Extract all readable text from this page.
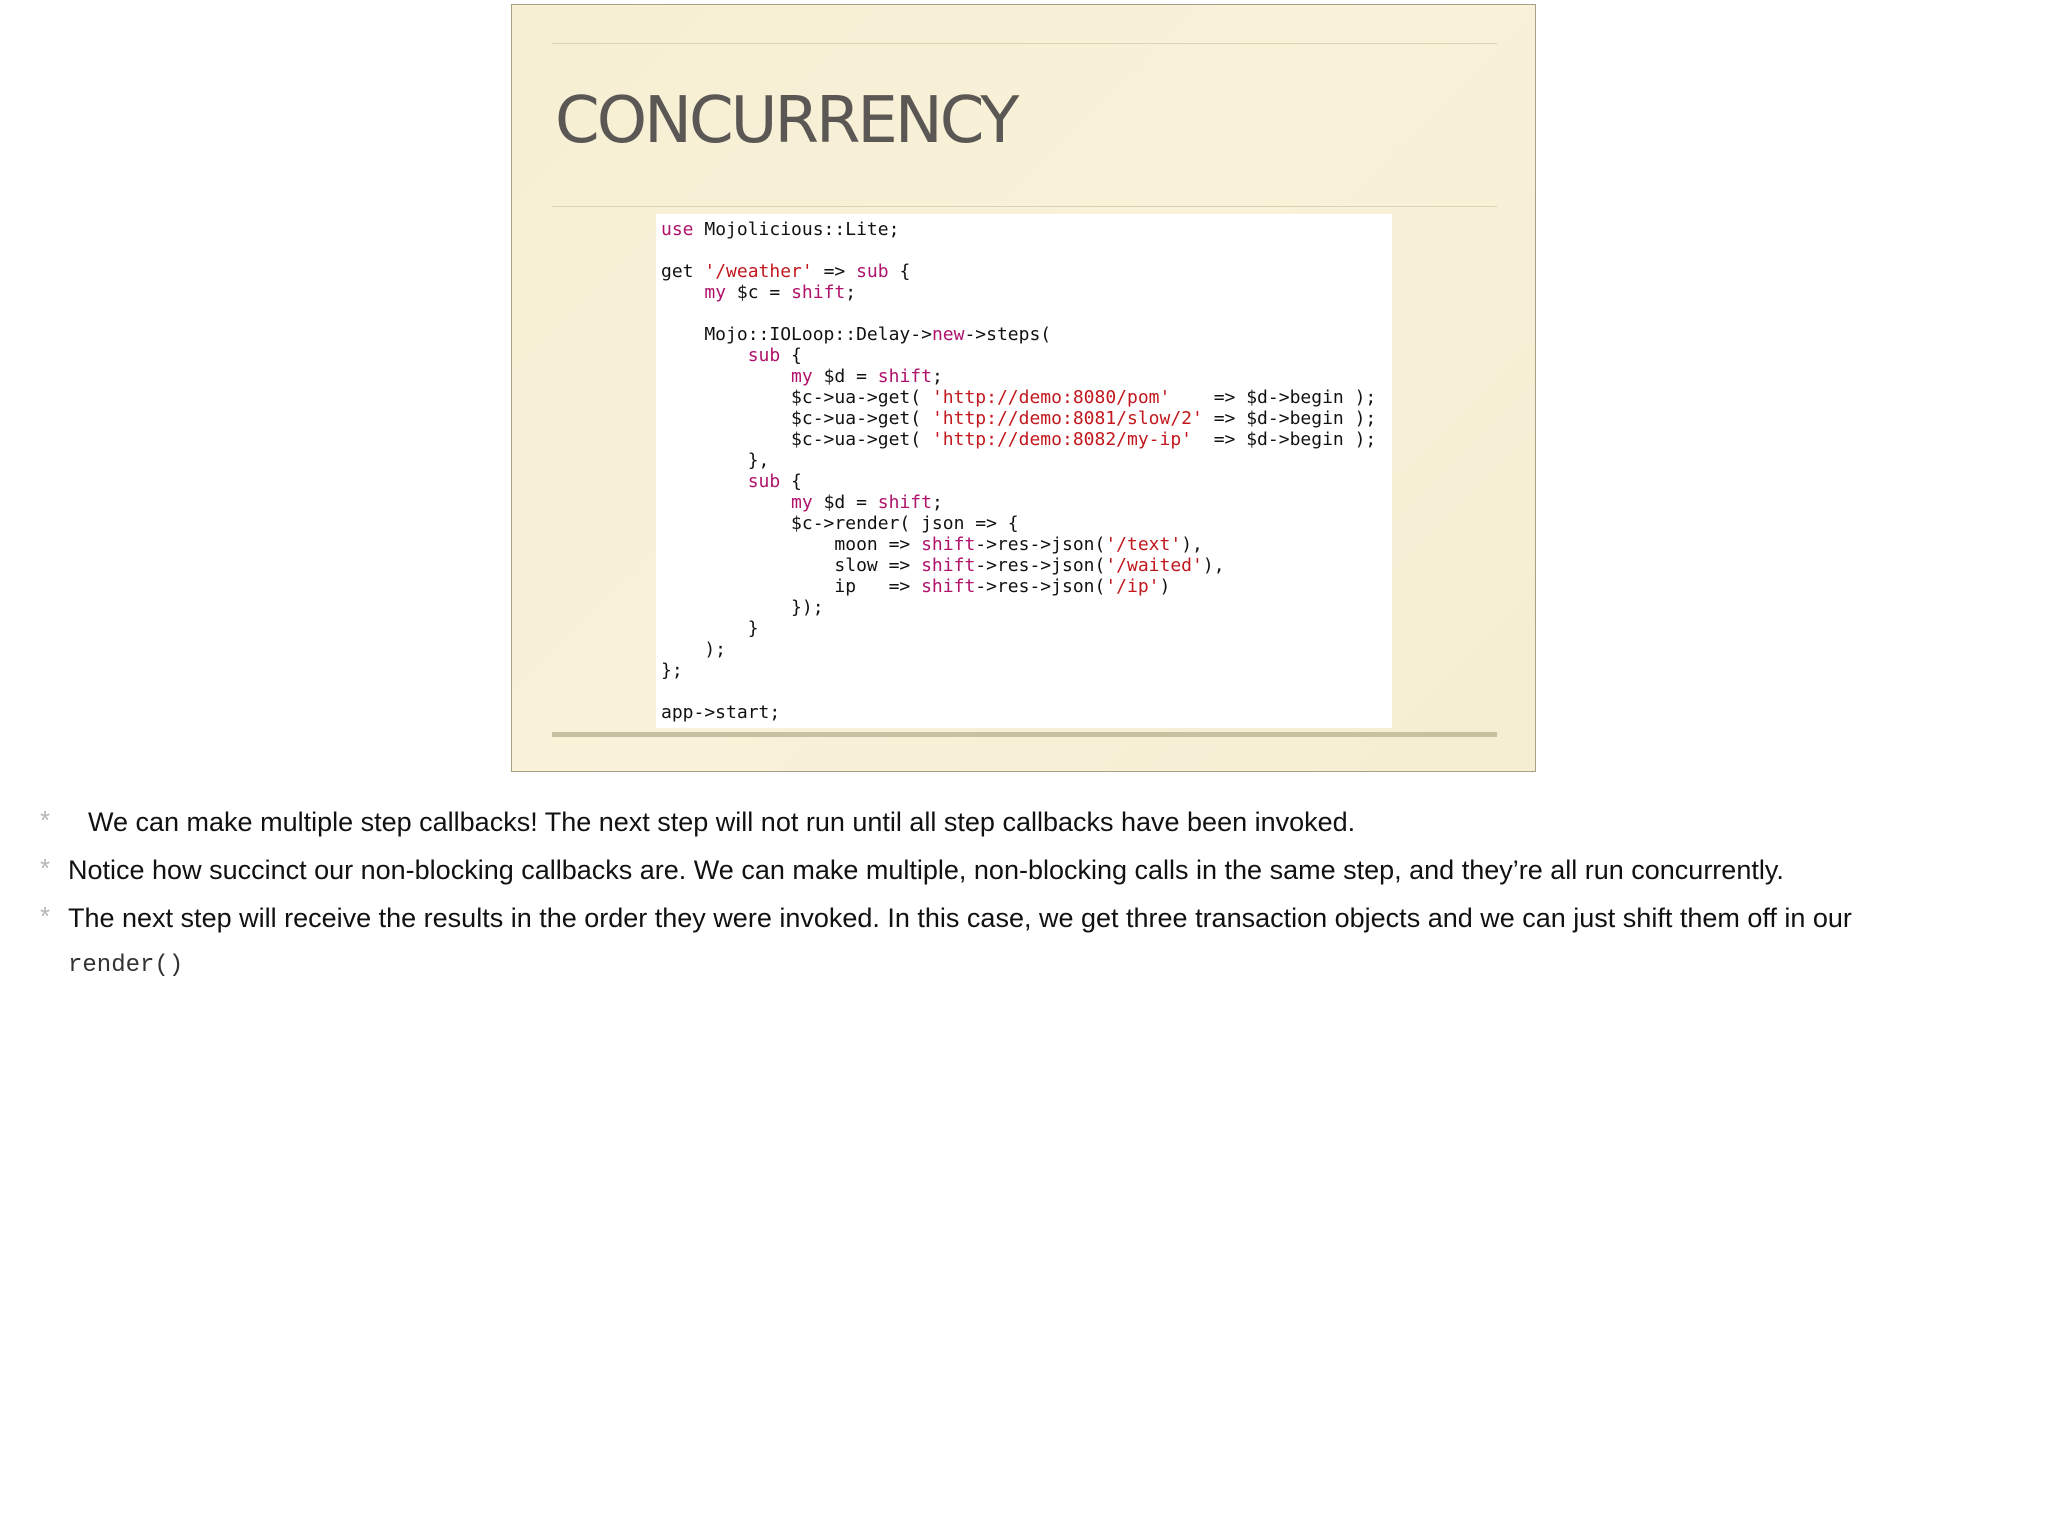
CONCURRENCY
use Mojolicious::Lite;

get '/weather' => sub {
my $c = shift;

Mojo::IOLoop::Delay->new->steps(
sub {
my $d = shift;
$c->ua->get( 'http://demo:8080/pom'    => $d->begin );
$c->ua->get( 'http://demo:8081/slow/2' => $d->begin );
$c->ua->get( 'http://demo:8082/my-ip'  => $d->begin );
},
sub {
my $d = shift;
$c->render( json => {
moon => shift->res->json('/text'),
slow => shift->res->json('/waited'),
ip   => shift->res->json('/ip')
});
}
);
};

app->start;
* We can make multiple step callbacks! The next step will not run until all step callbacks have been invoked.
* Notice how succinct our non-blocking callbacks are. We can make multiple, non-blocking calls in the same step, and they’re all run concurrently.
* The next step will receive the results in the order they were invoked. In this case, we get three transaction objects and we can just shift them off in our
render()
